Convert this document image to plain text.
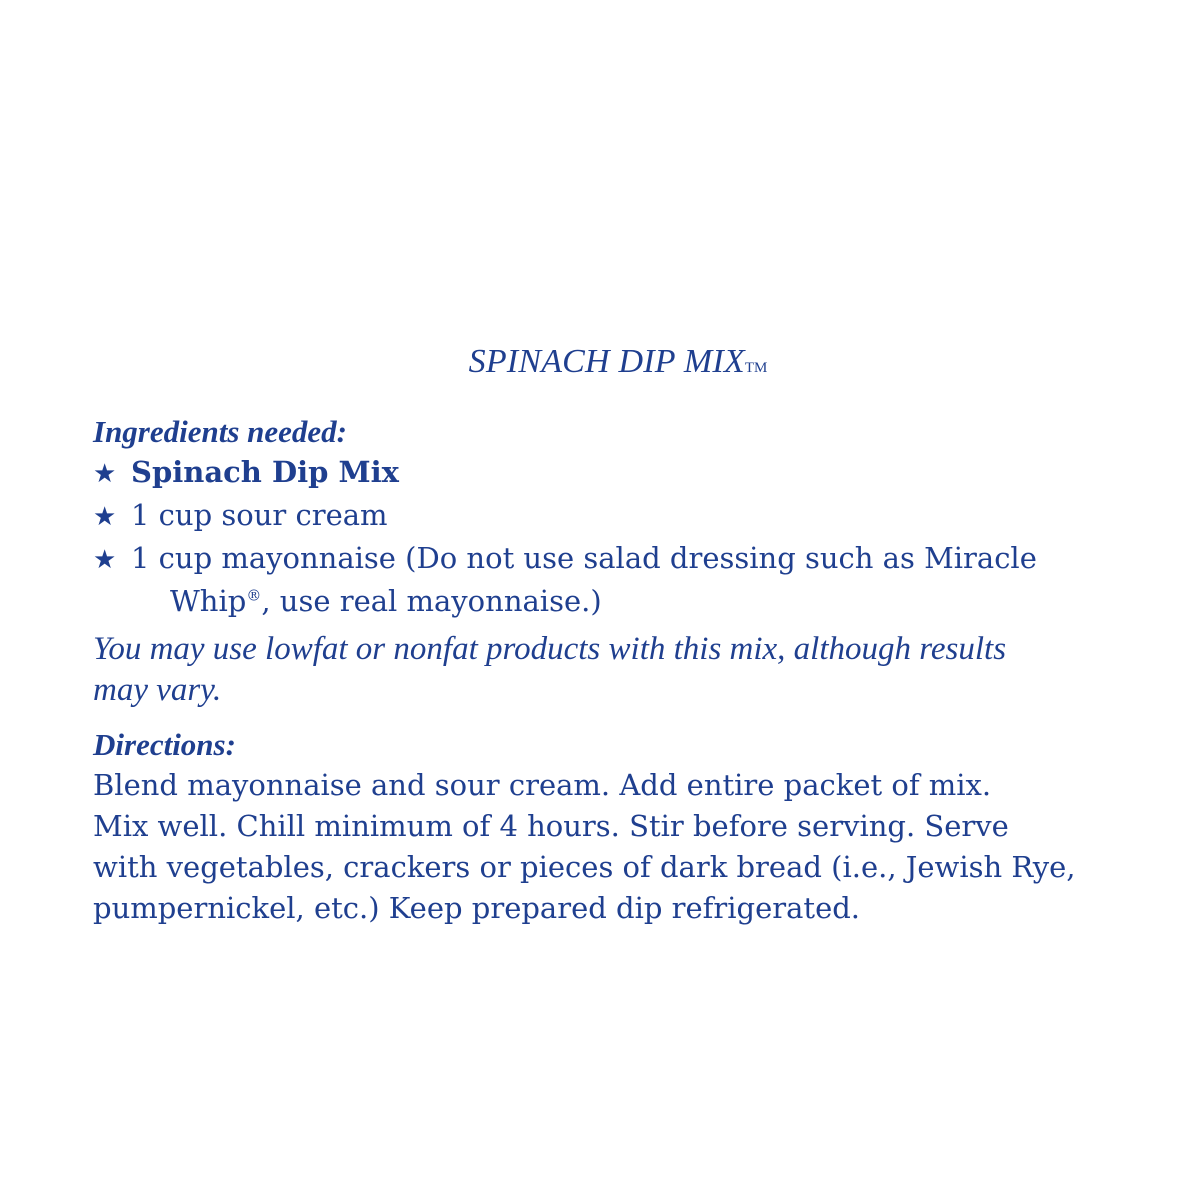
SPINACH DIP MIXTM
Ingredients needed:
★ Spinach Dip Mix
★ 1 cup sour cream
★ 1 cup mayonnaise (Do not use salad dressing such as Miracle
Whip®, use real mayonnaise.)
You may use lowfat or nonfat products with this mix, although results
may vary.
Directions:
Blend mayonnaise and sour cream. Add entire packet of mix.
Mix well. Chill minimum of 4 hours. Stir before serving. Serve
with vegetables, crackers or pieces of dark bread (i.e., Jewish Rye,
pumpernickel, etc.) Keep prepared dip refrigerated.
